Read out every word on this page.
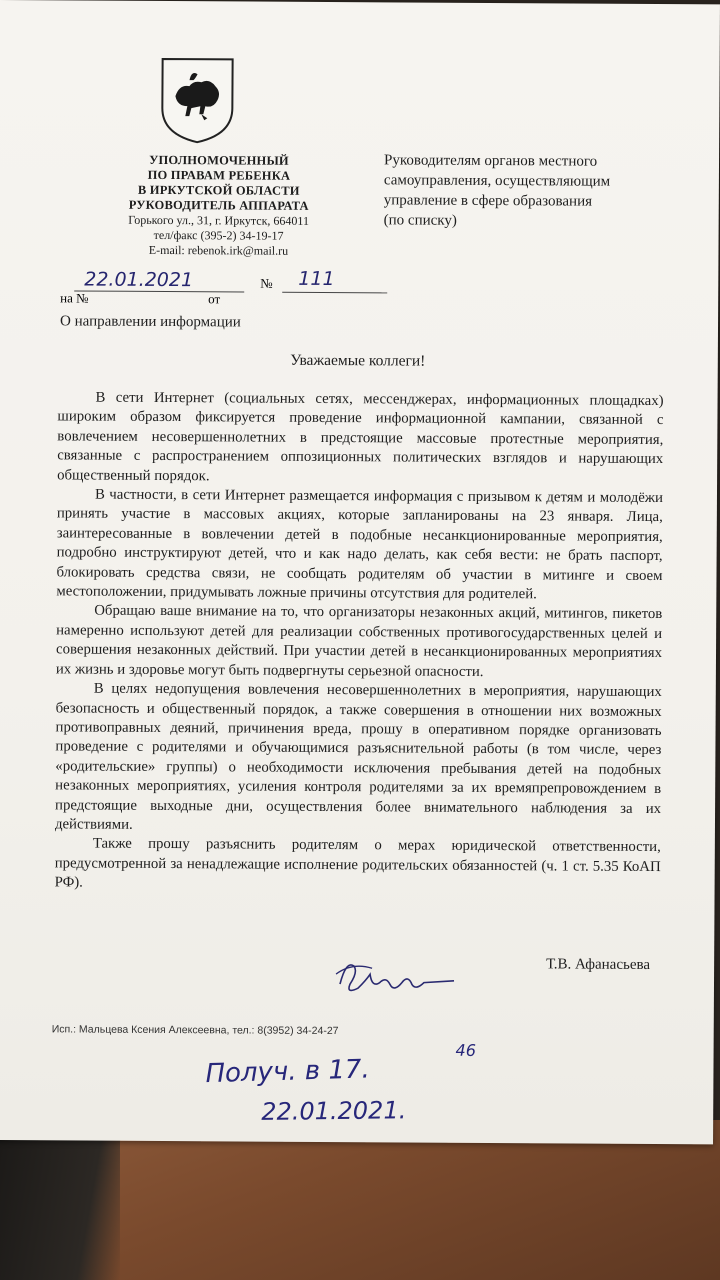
УПОЛНОМОЧЕННЫЙ
ПО ПРАВАМ РЕБЕНКА
В ИРКУТСКОЙ ОБЛАСТИ
РУКОВОДИТЕЛЬ АППАРАТА
Горького ул., 31, г. Иркутск, 664011
тел/факс (395-2) 34-19-17
E-mail: rebenok.irk@mail.ru
Руководителям органов местного
самоуправления, осуществляющим
управление в сфере образования
(по списку)
22.01.2021	111
№
на №	от
О направлении информации
Уважаемые коллеги!

В сети Интернет (социальных сетях, мессенджерах, информационных площадках) широким образом фиксируется проведение информационной кампании, связанной с вовлечением несовершеннолетних в предстоящие массовые протестные мероприятия, связанные с распространением оппозиционных политических взглядов и нарушающих общественный порядок.

В частности, в сети Интернет размещается информация с призывом к детям и молодёжи принять участие в массовых акциях, которые запланированы на 23 января. Лица, заинтересованные в вовлечении детей в подобные несанкционированные мероприятия, подробно инструктируют детей, что и как надо делать, как себя вести: не брать паспорт, блокировать средства связи, не сообщать родителям об участии в митинге и своем местоположении, придумывать ложные причины отсутствия для родителей.

Обращаю ваше внимание на то, что организаторы незаконных акций, митингов, пикетов намеренно используют детей для реализации собственных противогосударственных целей и совершения незаконных действий. При участии детей в несанкционированных мероприятиях их жизнь и здоровье могут быть подвергнуты серьезной опасности.

В целях недопущения вовлечения несовершеннолетних в мероприятия, нарушающих безопасность и общественный порядок, а также совершения в отношении них возможных противоправных деяний, причинения вреда, прошу в оперативном порядке организовать проведение с родителями и обучающимися разъяснительной работы (в том числе, через «родительские» группы) о необходимости исключения пребывания детей на подобных незаконных мероприятиях, усиления контроля родителями за их времяпрепровождением в предстоящие выходные дни, осуществления более внимательного наблюдения за их действиями.

Также прошу разъяснить родителям о мерах юридической ответственности, предусмотренной за ненадлежащие исполнение родительских обязанностей (ч. 1 ст. 5.35 КоАП РФ).

Т.В. Афанасьева
Исп.: Мальцева Ксения Алексеевна, тел.: 8(3952) 34-24-27
Получ. в 17.
46
22.01.2021.
